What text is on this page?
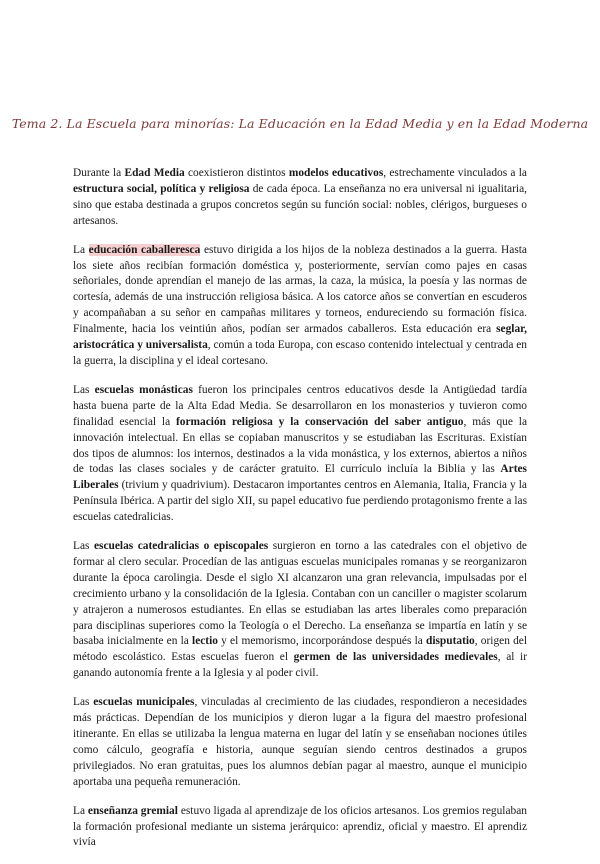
Tema 2. La Escuela para minorías: La Educación en la Edad Media y en la Edad Moderna

Durante la Edad Media coexistieron distintos modelos educativos, estrechamente vinculados a la estructura social, política y religiosa de cada época. La enseñanza no era universal ni igualitaria, sino que estaba destinada a grupos concretos según su función social: nobles, clérigos, burgueses o artesanos.

La educación caballeresca estuvo dirigida a los hijos de la nobleza destinados a la guerra. Hasta los siete años recibían formación doméstica y, posteriormente, servían como pajes en casas señoriales, donde aprendían el manejo de las armas, la caza, la música, la poesía y las normas de cortesía, además de una instrucción religiosa básica. A los catorce años se convertían en escuderos y acompañaban a su señor en campañas militares y torneos, endureciendo su formación física. Finalmente, hacia los veintiún años, podían ser armados caballeros. Esta educación era seglar, aristocrática y universalista, común a toda Europa, con escaso contenido intelectual y centrada en la guerra, la disciplina y el ideal cortesano.

Las escuelas monásticas fueron los principales centros educativos desde la Antigüedad tardía hasta buena parte de la Alta Edad Media. Se desarrollaron en los monasterios y tuvieron como finalidad esencial la formación religiosa y la conservación del saber antiguo, más que la innovación intelectual. En ellas se copiaban manuscritos y se estudiaban las Escrituras. Existían dos tipos de alumnos: los internos, destinados a la vida monástica, y los externos, abiertos a niños de todas las clases sociales y de carácter gratuito. El currículo incluía la Biblia y las Artes Liberales (trivium y quadrivium). Destacaron importantes centros en Alemania, Italia, Francia y la Península Ibérica. A partir del siglo XII, su papel educativo fue perdiendo protagonismo frente a las escuelas catedralicias.

Las escuelas catedralicias o episcopales surgieron en torno a las catedrales con el objetivo de formar al clero secular. Procedían de las antiguas escuelas municipales romanas y se reorganizaron durante la época carolingia. Desde el siglo XI alcanzaron una gran relevancia, impulsadas por el crecimiento urbano y la consolidación de la Iglesia. Contaban con un canciller o magister scolarum y atrajeron a numerosos estudiantes. En ellas se estudiaban las artes liberales como preparación para disciplinas superiores como la Teología o el Derecho. La enseñanza se impartía en latín y se basaba inicialmente en la lectio y el memorismo, incorporándose después la disputatio, origen del método escolástico. Estas escuelas fueron el germen de las universidades medievales, al ir ganando autonomía frente a la Iglesia y al poder civil.

Las escuelas municipales, vinculadas al crecimiento de las ciudades, respondieron a necesidades más prácticas. Dependían de los municipios y dieron lugar a la figura del maestro profesional itinerante. En ellas se utilizaba la lengua materna en lugar del latín y se enseñaban nociones útiles como cálculo, geografía e historia, aunque seguían siendo centros destinados a grupos privilegiados. No eran gratuitas, pues los alumnos debían pagar al maestro, aunque el municipio aportaba una pequeña remuneración.

La enseñanza gremial estuvo ligada al aprendizaje de los oficios artesanos. Los gremios regulaban la formación profesional mediante un sistema jerárquico: aprendiz, oficial y maestro. El aprendiz vivía
